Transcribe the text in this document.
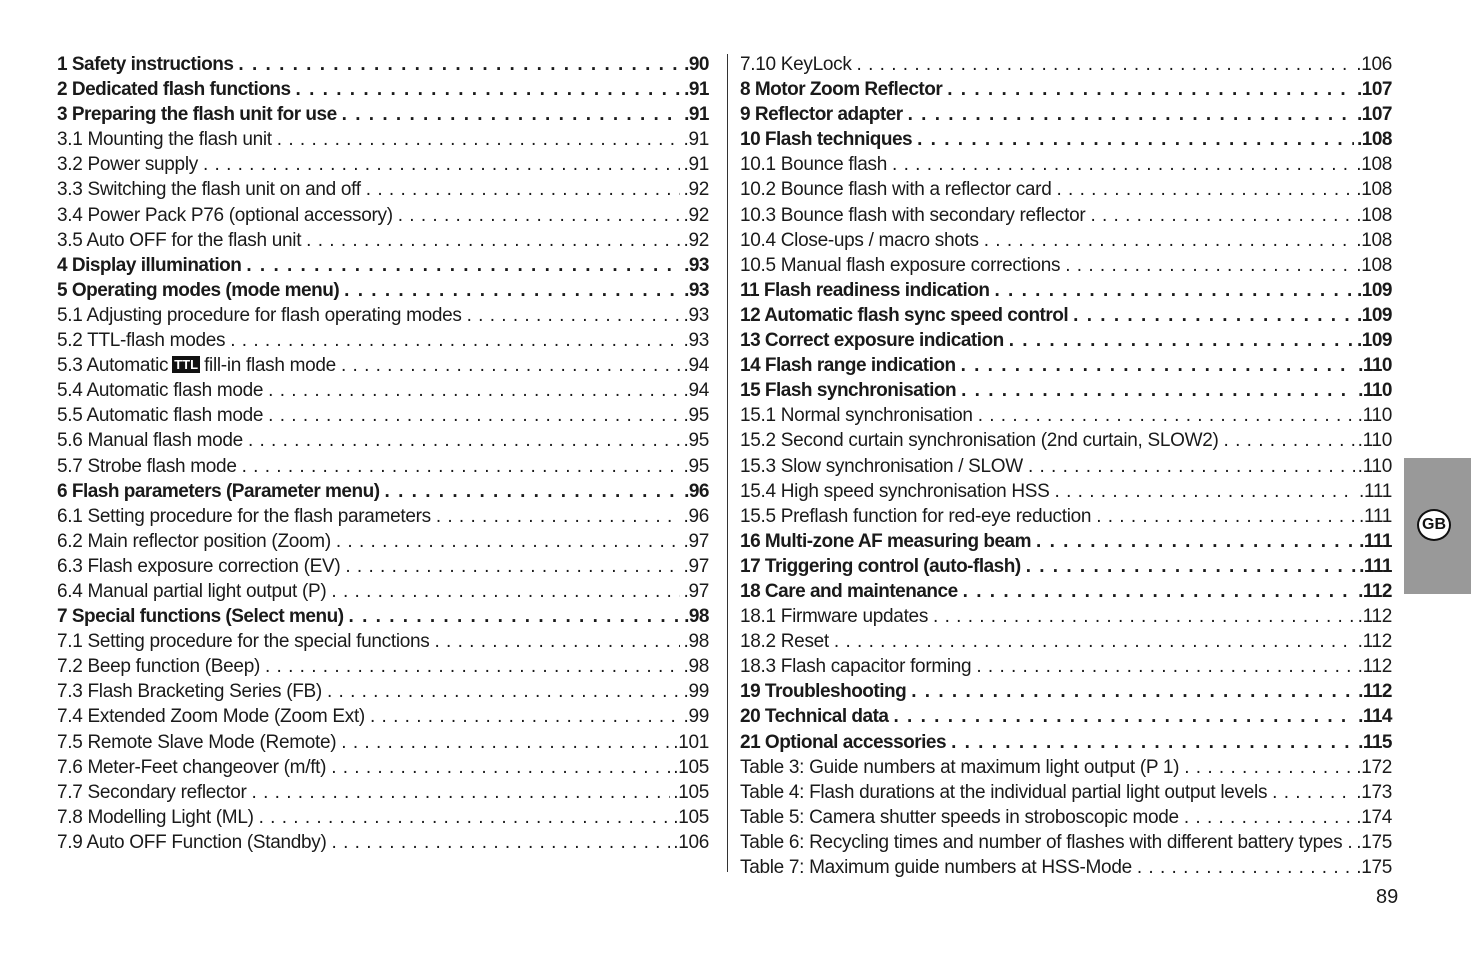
1 Safety instructions . . .	.90
2 Dedicated flash functions . . .	.91
3 Preparing the flash unit for use . . .	.91
3.1 Mounting the flash unit . . .	.91
3.2 Power supply . . .	.91
3.3 Switching the flash unit on and off . . .	.92
3.4 Power Pack P76 (optional accessory) . . .	.92
3.5 Auto OFF for the flash unit . . .	.92
4 Display illumination . . .	.93
5 Operating modes (mode menu) . . .	.93
5.1 Adjusting procedure for flash operating modes . . .	.93
5.2 TTL-flash modes . . .	.93
5.3 Automatic TTL fill-in flash mode . . .	.94
5.4 Automatic flash mode . . .	.94
5.5 Automatic flash mode . . .	.95
5.6 Manual flash mode . . .	.95
5.7 Strobe flash mode . . .	.95
6 Flash parameters (Parameter menu) . . .	.96
6.1 Setting procedure for the flash parameters . . .	.96
6.2 Main reflector position (Zoom) . . .	.97
6.3 Flash exposure correction (EV) . . .	.97
6.4 Manual partial light output (P) . . .	.97
7 Special functions (Select menu) . . .	.98
7.1 Setting procedure for the special functions . . .	.98
7.2 Beep function (Beep) . . .	.98
7.3 Flash Bracketing Series (FB) . . .	.99
7.4 Extended Zoom Mode (Zoom Ext) . . .	.99
7.5 Remote Slave Mode (Remote) . . .	.101
7.6 Meter-Feet changeover (m/ft) . . .	.105
7.7 Secondary reflector . . .	.105
7.8 Modelling Light (ML) . . .	.105
7.9 Auto OFF Function (Standby) . . .	.106
7.10 KeyLock . . .	.106
8 Motor Zoom Reflector . . .	.107
9 Reflector adapter . . .	.107
10 Flash techniques . . .	.108
10.1 Bounce flash . . .	.108
10.2 Bounce flash with a reflector card . . .	.108
10.3 Bounce flash with secondary reflector . . .	.108
10.4 Close-ups / macro shots . . .	.108
10.5 Manual flash exposure corrections . . .	.108
11 Flash readiness indication . . .	.109
12 Automatic flash sync speed control . . .	.109
13 Correct exposure indication . . .	.109
14 Flash range indication . . .	.110
15 Flash synchronisation . . .	.110
15.1 Normal synchronisation . . .	.110
15.2 Second curtain synchronisation (2nd curtain, SLOW2) . . .	.110
15.3 Slow synchronisation / SLOW . . .	.110
15.4 High speed synchronisation HSS . . .	.111
15.5 Preflash function for red-eye reduction . . .	.111
16 Multi-zone AF measuring beam . . .	.111
17 Triggering control (auto-flash) . . .	.111
18 Care and maintenance . . .	.112
18.1 Firmware updates . . .	.112
18.2 Reset . . .	.112
18.3 Flash capacitor forming . . .	.112
19 Troubleshooting . . .	.112
20 Technical data . . .	.114
21 Optional accessories . . .	.115
Table 3: Guide numbers at maximum light output (P 1) . . .	.172
Table 4: Flash durations at the individual partial light output levels . . .	.173
Table 5: Camera shutter speeds in stroboscopic mode . . .	.174
Table 6: Recycling times and number of flashes with different battery types . . . .175
Table 7: Maximum guide numbers at HSS-Mode . . .	.175
GB
89
